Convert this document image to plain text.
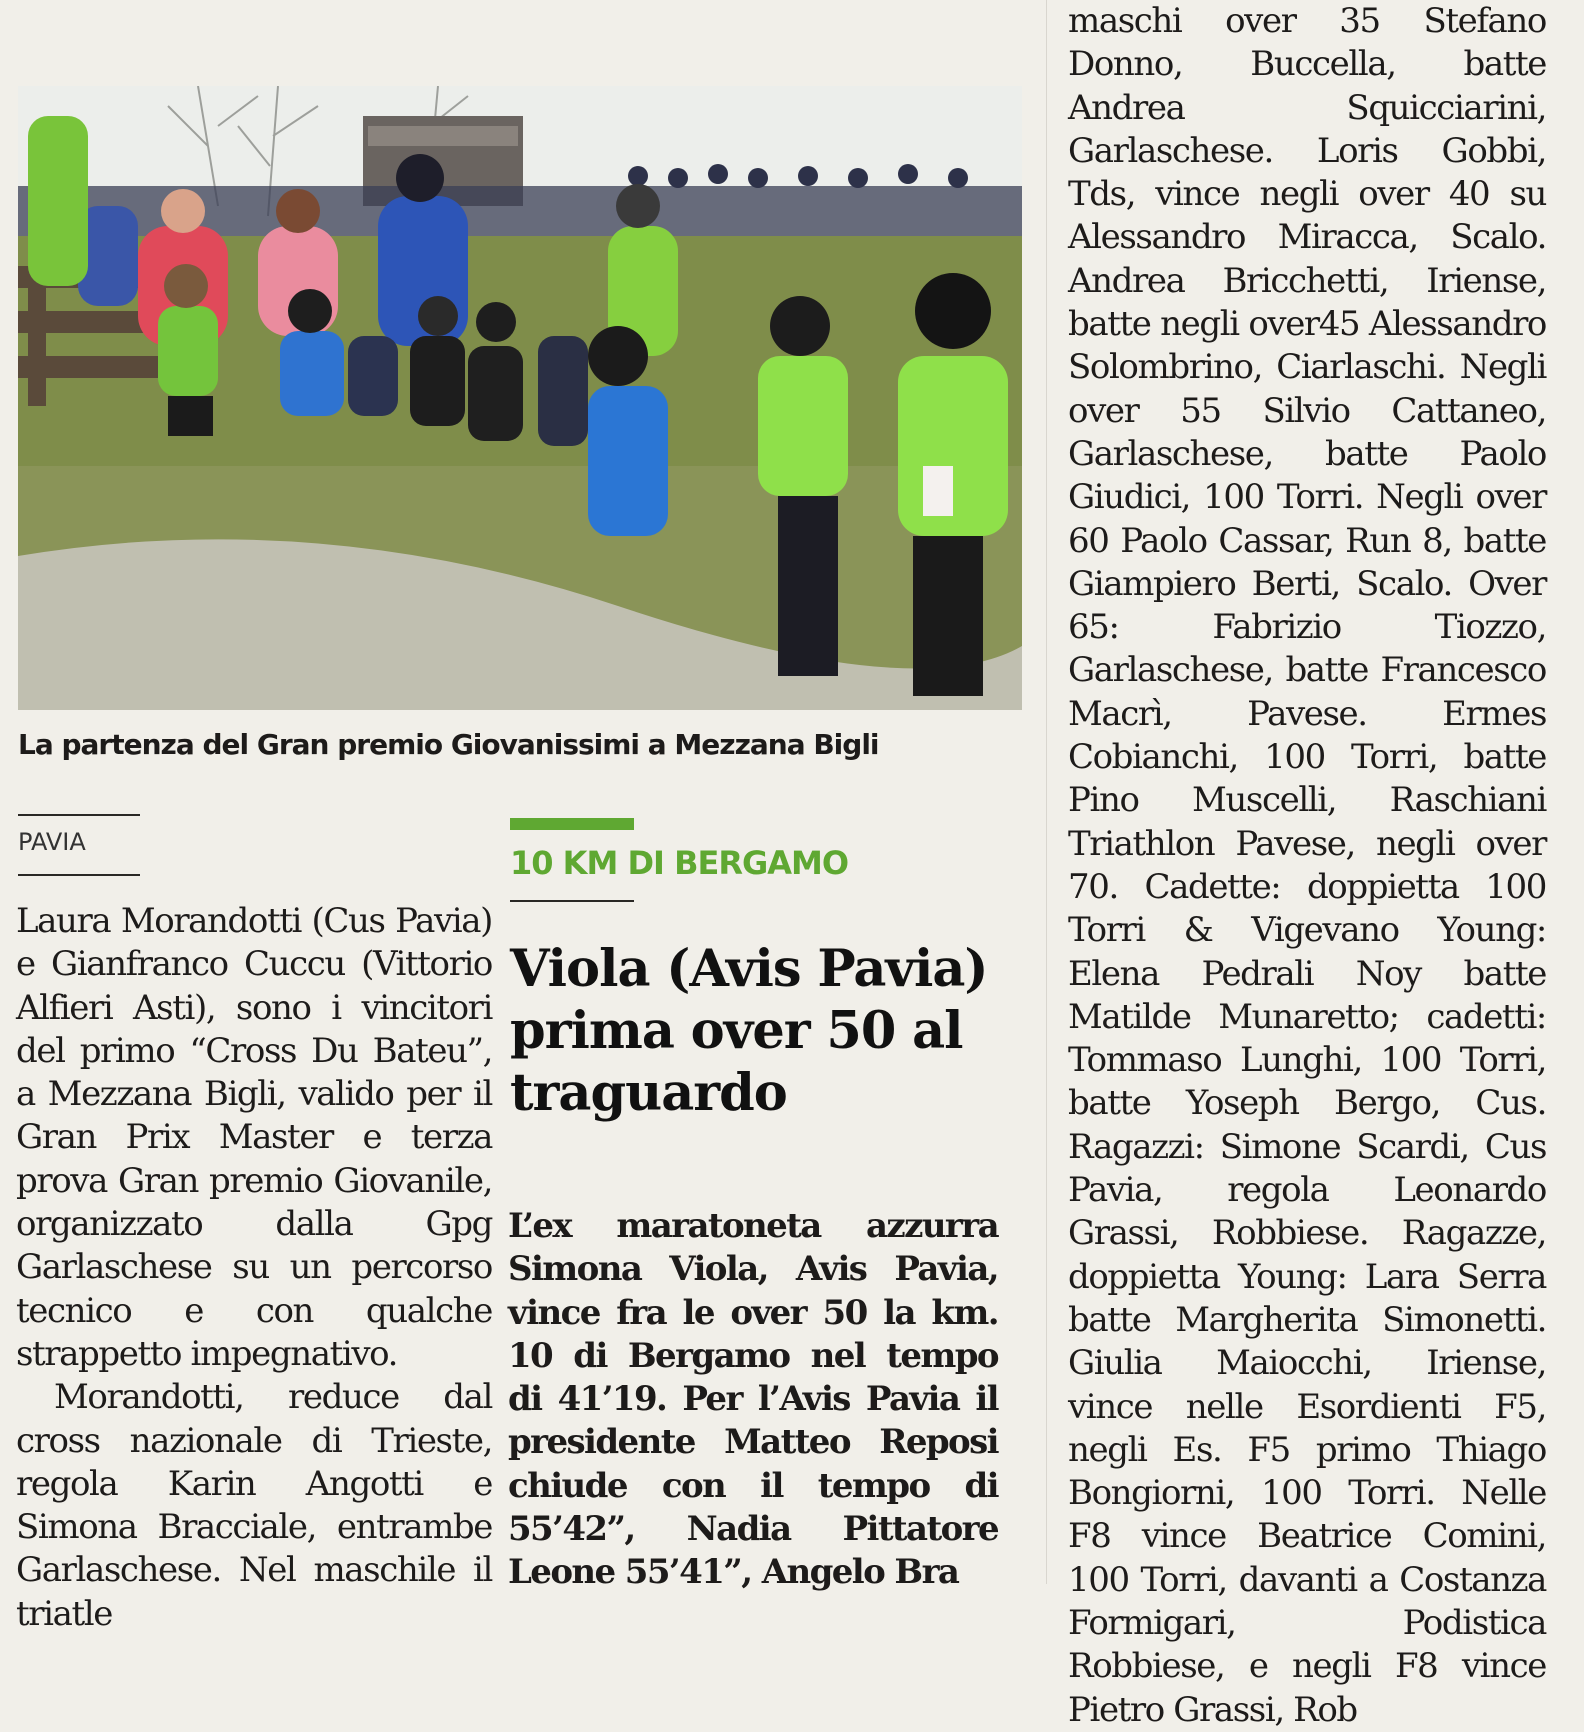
La partenza del Gran premio Giovanissimi a Mezzana Bigli
PAVIA
10 KM DI BERGAMO
Viola (Avis Pavia) prima over 50 al traguardo

Laura Morandotti (Cus Pavia) e Gianfranco Cuccu (Vittorio Alfieri Asti), sono i vincitori del primo “Cross Du Bateu”, a Mezzana Bigli, valido per il Gran Prix Master e terza prova Gran premio Giovanile, organizzato dalla Gpg Garlaschese su un percorso tecnico e con qualche strappetto impegnativo.

Morandotti, reduce dal cross nazionale di Trieste, regola Karin Angotti e Simona Bracciale, entrambe Garlaschese. Nel maschile il triatle

L’ex maratoneta azzurra Simona Viola, Avis Pavia, vince fra le over 50 la km. 10 di Bergamo nel tempo di 41’19. Per l’Avis Pavia il presidente Matteo Reposi chiude con il tempo di 55’42”, Nadia Pittatore Leone 55’41”, Angelo Bra
maschi over 35 Stefano Donno, Buccella, batte Andrea Squicciarini, Garlaschese. Loris Gobbi, Tds, vince negli over 40 su Alessandro Miracca, Scalo. Andrea Bricchetti, Iriense, batte negli over45 Alessandro Solombrino, Ciarlaschi. Negli over 55 Silvio Cattaneo, Garlaschese, batte Paolo Giudici, 100 Torri. Negli over 60 Paolo Cassar, Run 8, batte Giampiero Berti, Scalo. Over 65: Fabrizio Tiozzo, Garlaschese, batte Francesco Macrì, Pavese. Ermes Cobianchi, 100 Torri, batte Pino Muscelli, Raschiani Triathlon Pavese, negli over 70. Cadette: doppietta 100 Torri & Vigevano Young: Elena Pedrali Noy batte Matilde Munaretto; cadetti: Tommaso Lunghi, 100 Torri, batte Yoseph Bergo, Cus. Ragazzi: Simone Scardi, Cus Pavia, regola Leonardo Grassi, Robbiese. Ragazze, doppietta Young: Lara Serra batte Margherita Simonetti. Giulia Maiocchi, Iriense, vince nelle Esordienti F5, negli Es. F5 primo Thiago Bongiorni, 100 Torri. Nelle F8 vince Beatrice Comini, 100 Torri, davanti a Costanza Formigari, Podistica Robbiese, e negli F8 vince Pietro Grassi, Rob
